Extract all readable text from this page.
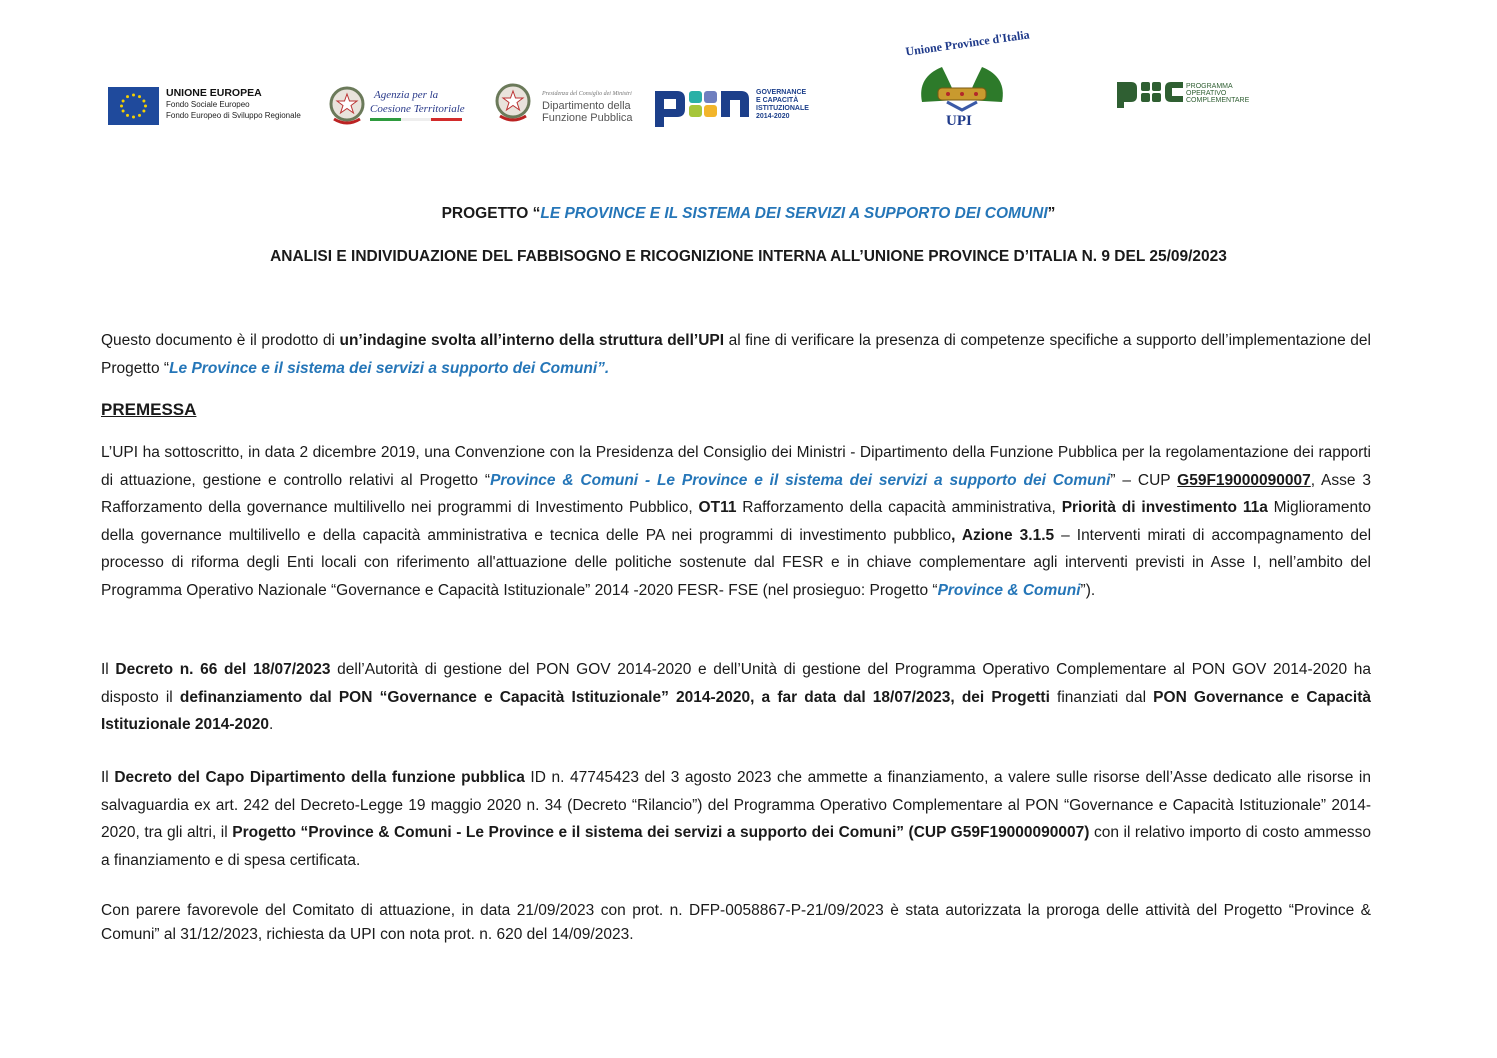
UNIONE EUROPEA
Fondo Sociale Europeo
Fondo Europeo di Sviluppo Regionale
Agenzia per la
Coesione Territoriale
Presidenza del Consiglio dei Ministri
Dipartimento della
Funzione Pubblica
GOVERNANCE
E CAPACITÀ
ISTITUZIONALE
2014-2020
Unione Province d'Italia
UPI
PROGRAMMA
OPERATIVO
COMPLEMENTARE
PROGETTO “LE PROVINCE E IL SISTEMA DEI SERVIZI A SUPPORTO DEI COMUNI”
ANALISI E INDIVIDUAZIONE DEL FABBISOGNO E RICOGNIZIONE INTERNA ALL’UNIONE PROVINCE D’ITALIA N. 9 DEL 25/09/2023
Questo documento è il prodotto di un’indagine svolta all’interno della struttura dell’UPI al fine di verificare la presenza di competenze specifiche a supporto dell’implementazione del Progetto “Le Province e il sistema dei servizi a supporto dei Comuni”.
PREMESSA
L’UPI ha sottoscritto, in data 2 dicembre 2019, una Convenzione con la Presidenza del Consiglio dei Ministri - Dipartimento della Funzione Pubblica per la regolamentazione dei rapporti di attuazione, gestione e controllo relativi al Progetto “Province & Comuni - Le Province e il sistema dei servizi a supporto dei Comuni” – CUP G59F19000090007, Asse 3 Rafforzamento della governance multilivello nei programmi di Investimento Pubblico, OT11 Rafforzamento della capacità amministrativa, Priorità di investimento 11a Miglioramento della governance multilivello e della capacità amministrativa e tecnica delle PA nei programmi di investimento pubblico, Azione 3.1.5 – Interventi mirati di accompagnamento del processo di riforma degli Enti locali con riferimento all'attuazione delle politiche sostenute dal FESR e in chiave complementare agli interventi previsti in Asse I, nell’ambito del Programma Operativo Nazionale “Governance e Capacità Istituzionale” 2014 -2020 FESR- FSE (nel prosieguo: Progetto “Province & Comuni”).
Il Decreto n. 66 del 18/07/2023 dell’Autorità di gestione del PON GOV 2014-2020 e dell’Unità di gestione del Programma Operativo Complementare al PON GOV 2014-2020 ha disposto il definanziamento dal PON “Governance e Capacità Istituzionale” 2014-2020, a far data dal 18/07/2023, dei Progetti finanziati dal PON Governance e Capacità Istituzionale 2014-2020.
Il Decreto del Capo Dipartimento della funzione pubblica ID n. 47745423 del 3 agosto 2023 che ammette a finanziamento, a valere sulle risorse dell’Asse dedicato alle risorse in salvaguardia ex art. 242 del Decreto-Legge 19 maggio 2020 n. 34 (Decreto “Rilancio”) del Programma Operativo Complementare al PON “Governance e Capacità Istituzionale” 2014-2020, tra gli altri, il Progetto “Province & Comuni - Le Province e il sistema dei servizi a supporto dei Comuni” (CUP G59F19000090007) con il relativo importo di costo ammesso a finanziamento e di spesa certificata.
Con parere favorevole del Comitato di attuazione, in data 21/09/2023 con prot. n. DFP-0058867-P-21/09/2023 è stata autorizzata la proroga delle attività del Progetto “Province & Comuni” al 31/12/2023, richiesta da UPI con nota prot. n. 620 del 14/09/2023.
